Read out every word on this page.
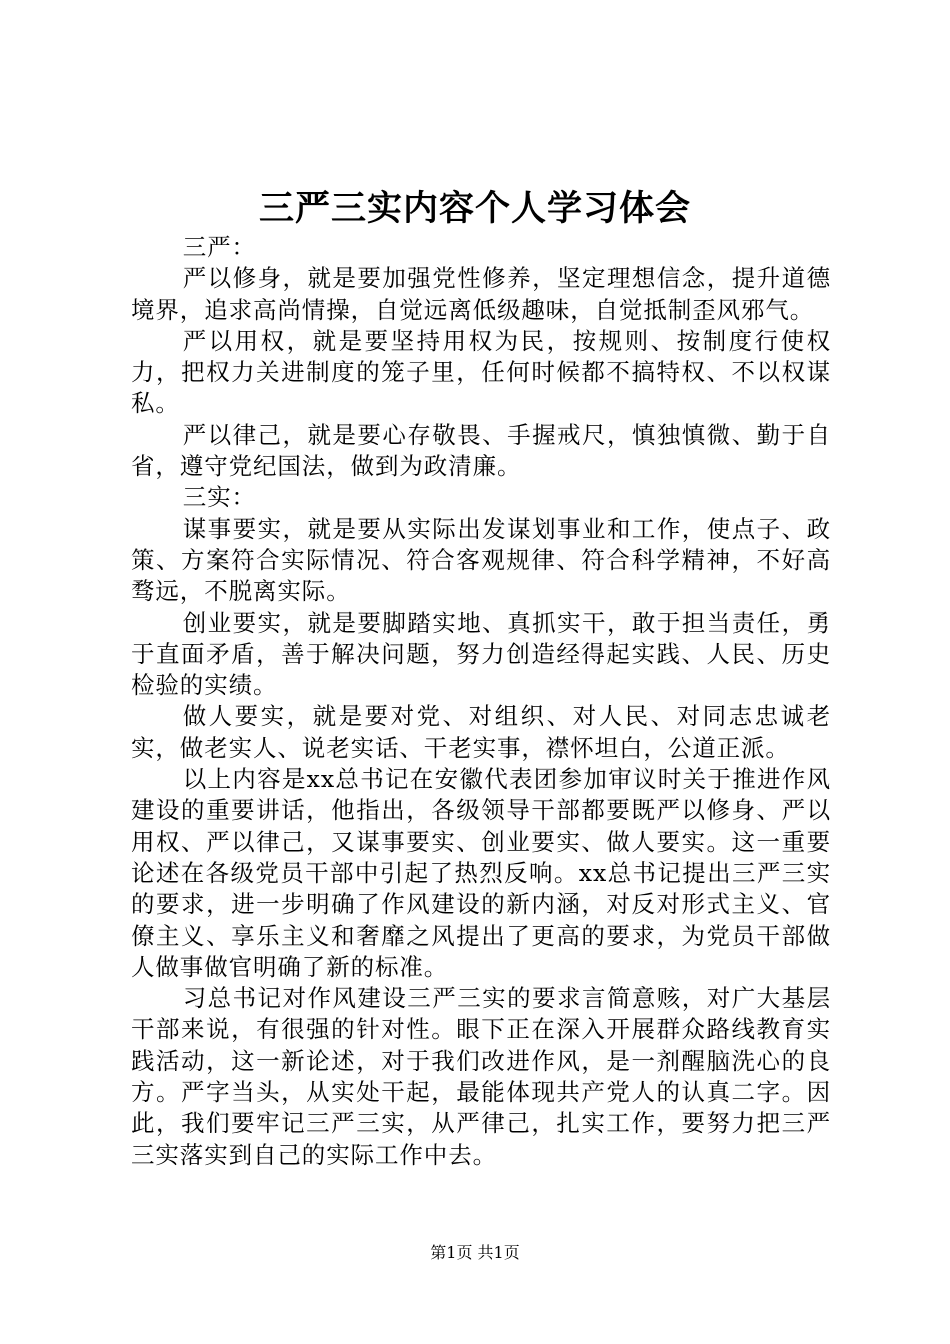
三严三实内容个人学习体会

三严：

严以修身，就是要加强党性修养，坚定理想信念，提升道德境界，追求高尚情操，自觉远离低级趣味，自觉抵制歪风邪气。

严以用权，就是要坚持用权为民，按规则、按制度行使权力，把权力关进制度的笼子里，任何时候都不搞特权、不以权谋私。

严以律己，就是要心存敬畏、手握戒尺，慎独慎微、勤于自省，遵守党纪国法，做到为政清廉。

三实：

谋事要实，就是要从实际出发谋划事业和工作，使点子、政策、方案符合实际情况、符合客观规律、符合科学精神，不好高骛远，不脱离实际。

创业要实，就是要脚踏实地、真抓实干，敢于担当责任，勇于直面矛盾，善于解决问题，努力创造经得起实践、人民、历史检验的实绩。

做人要实，就是要对党、对组织、对人民、对同志忠诚老实，做老实人、说老实话、干老实事，襟怀坦白，公道正派。

以上内容是xx总书记在安徽代表团参加审议时关于推进作风建设的重要讲话，他指出，各级领导干部都要既严以修身、严以用权、严以律己，又谋事要实、创业要实、做人要实。这一重要论述在各级党员干部中引起了热烈反响。xx总书记提出三严三实的要求，进一步明确了作风建设的新内涵，对反对形式主义、官僚主义、享乐主义和奢靡之风提出了更高的要求，为党员干部做人做事做官明确了新的标准。

习总书记对作风建设三严三实的要求言简意赅，对广大基层干部来说，有很强的针对性。眼下正在深入开展群众路线教育实践活动，这一新论述，对于我们改进作风，是一剂醒脑洗心的良方。严字当头，从实处干起，最能体现共产党人的认真二字。因此，我们要牢记三严三实，从严律己，扎实工作，要努力把三严三实落实到自己的实际工作中去。

第1页 共1页
